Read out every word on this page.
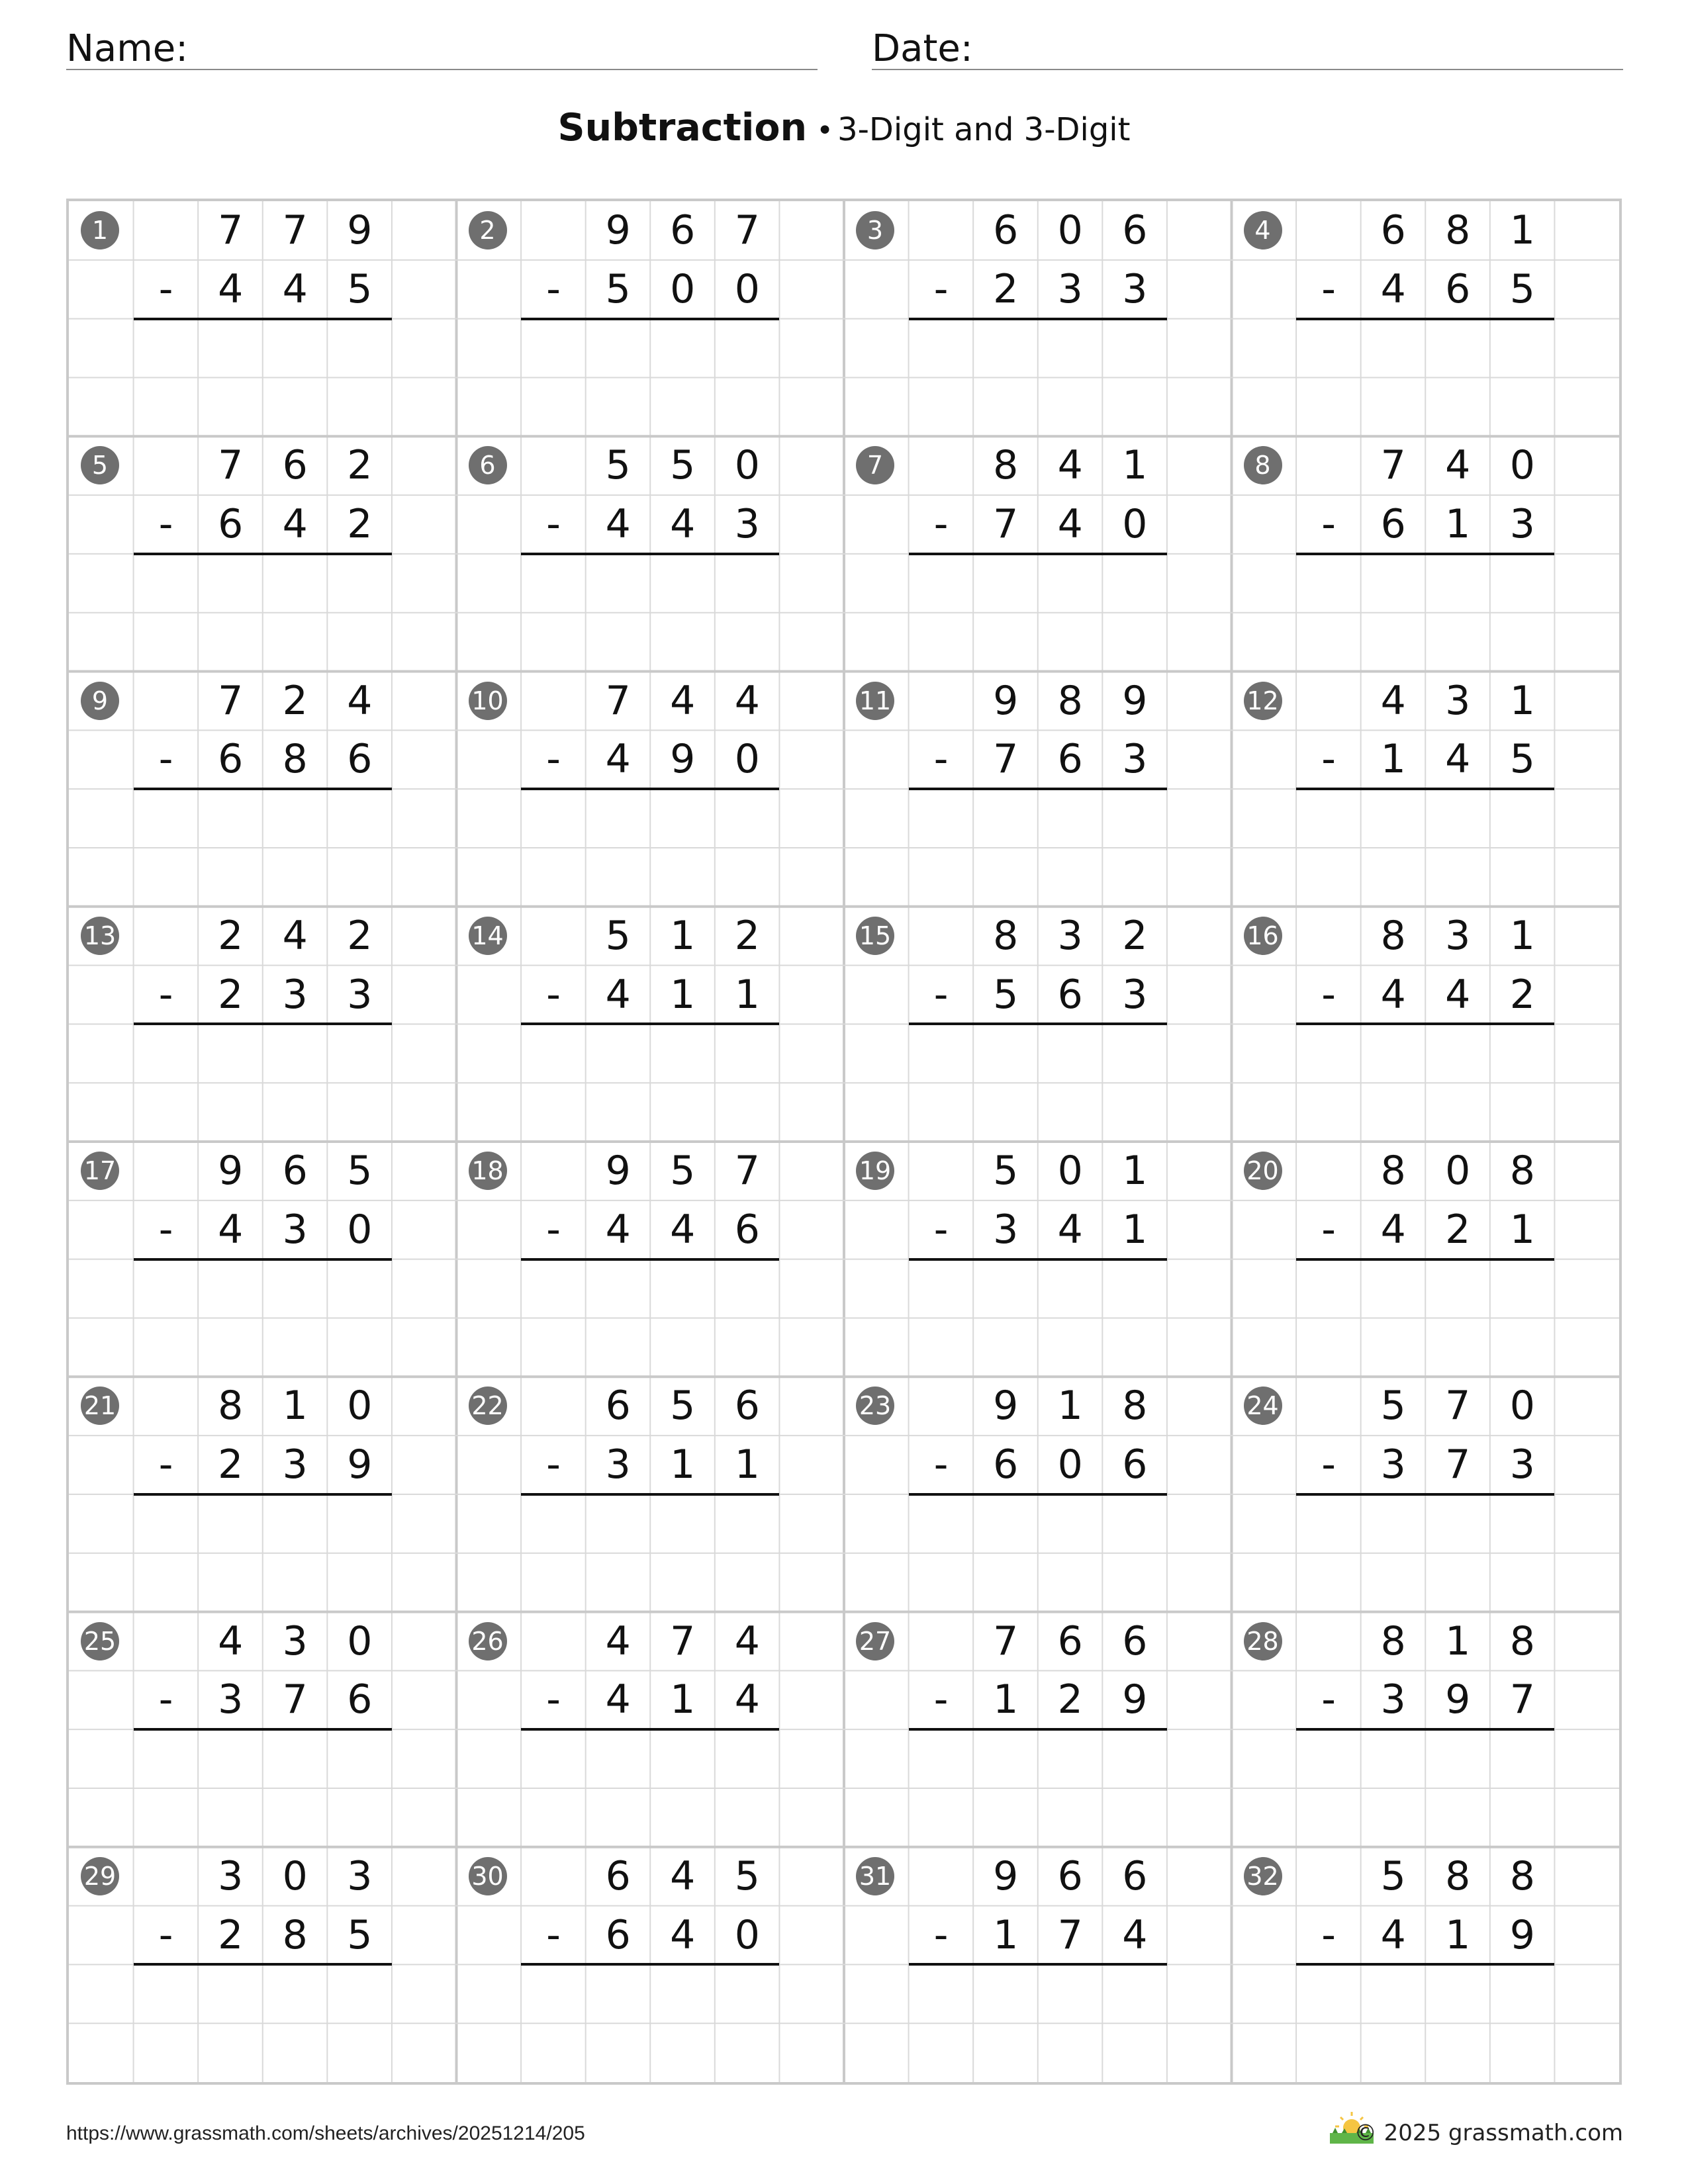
Name:	Date:
Subtraction • 3-Digit and 3-Digit
1	7 7 9
-	4 4 5
2	9 6 7
-	5 0 0
3	6 0 6
-	2 3 3
4	6 8 1
-	4 6 5
5	7 6 2
-	6 4 2
6	5 5 0
-	4 4 3
7	8 4 1
-	7 4 0
8	7 4 0
-	6 1 3
9	7 2 4
-	6 8 6
10	7 4 4
-	4 9 0
11	9 8 9
-	7 6 3
12	4 3 1
-	1 4 5
13	2 4 2
-	2 3 3
14	5 1 2
-	4 1 1
15	8 3 2
-	5 6 3
16	8 3 1
-	4 4 2
17	9 6 5
-	4 3 0
18	9 5 7
-	4 4 6
19	5 0 1
-	3 4 1
20	8 0 8
-	4 2 1
21	8 1 0
-	2 3 9
22	6 5 6
-	3 1 1
23	9 1 8
-	6 0 6
24	5 7 0
-	3 7 3
25	4 3 0
-	3 7 6
26	4 7 4
-	4 1 4
27	7 6 6
-	1 2 9
28	8 1 8
-	3 9 7
29	3 0 3
-	2 8 5
30	6 4 5
-	6 4 0
31	9 6 6
-	1 7 4
32	5 8 8
-	4 1 9
https://www.grassmath.com/sheets/archives/20251214/205	© 2025 grassmath.com
